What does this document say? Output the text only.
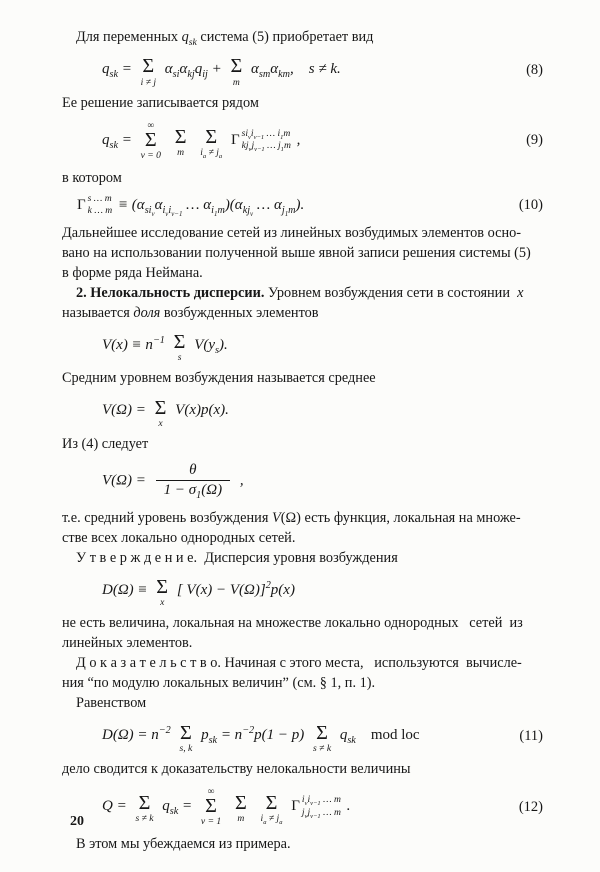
Для переменных $q_{sk}$ система (5) приобретает вид
$q_{sk} = \Sigma$
i ≠ j
$\alpha_{si}\alpha_{kj}q_{ij} + \Sigma$
m
$\alpha_{sm}\alpha_{km}$, s ≠ k.	(8)
Ее решение записывается рядом
$q_{sk}$ =
∞
Σ
ν = 0

Σ
m

Σ
$i_a \ne j_a$
Γ $si_\nu i_{\nu-1}$ … $i_1m$
$kj_\nu j_{\nu-1}$ … $j_1m$ ,	(9)
в котором
Γ s … m
k … $m \equiv (\alpha_{si_\nu}\alpha_{i_\nu i_{\nu-1}}$ … $\alpha_{i_1m})(\alpha_{kj_\nu}$ … $\alpha_{j_1m}$).	(10)
Дальнейшее исследование сетей из линейных возбудимых элементов осно-
вано на использовании полученной выше явной записи решения системы (5)
в форме ряда Неймана.
2. Нелокальность дисперсии. Уровнем возбуждения сети в состоянии x
называется доля возбужденных элементов
$V(x) \equiv n^{-1}$ Σ
s
$V(y_s)$.
Средним уровнем возбуждения называется среднее
V(Ω) = Σ
x
V(x)p(x).
Из (4) следует
$V(\Omega) = \frac{\theta}{1 - \sigma_1(\Omega)}$ ,
т.е. средний уровень возбуждения V(Ω) есть функция, локальная на множе-
стве всех локально однородных сетей.
У т в е р ж д е н и е. Дисперсия уровня возбуждения
D(Ω) ≡ Σ
x
[ V(x) − V(Ω)]$^2$p(x)
не есть величина, локальная на множестве локально однородных  сетей из
линейных элементов.
Д о к а з а т е л ь с т в о. Начиная с этого места,  используются вычисле-
ния “по модулю локальных величин” (см. § 1, п. 1).
Равенством
$D(\Omega) = n^{-2}$ Σ
s, k
$p_{sk} = n^{-2}p(1 - p)$ Σ
s ≠ k
$q_{sk}$  mod loc	(11)
дело сводится к доказательству нелокальности величины
Q = Σ
s ≠ k
$q_{sk}$ =
∞
Σ
ν = 1

Σ
m

Σ
$i_a \ne j_a$
Γ $i_\nu i_{\nu-1}$ … m
$j_\nu j_{\nu-1}$ … m .	(12)
В этом мы убеждаемся из примера.
20
